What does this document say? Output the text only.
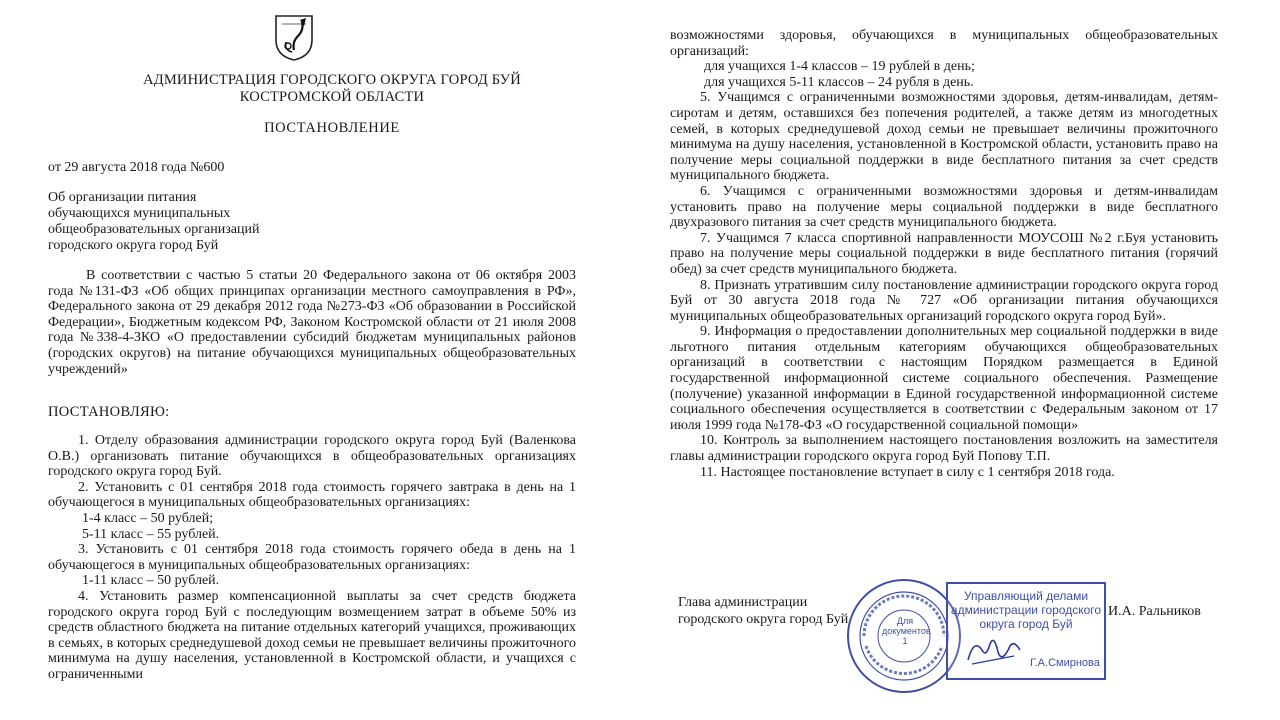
АДМИНИСТРАЦИЯ ГОРОДСКОГО ОКРУГА ГОРОД БУЙ
КОСТРОМСКОЙ ОБЛАСТИ
ПОСТАНОВЛЕНИЕ
от 29 августа 2018 года №600
Об организации питания
обучающихся муниципальных
общеобразовательных организаций
городского округа город Буй
В соответствии с частью 5 статьи 20 Федерального закона от 06 октября 2003 года №131-ФЗ «Об общих принципах организации местного самоуправления в РФ», Федерального закона от 29 декабря 2012 года №273-ФЗ «Об образовании в Российской Федерации», Бюджетным кодексом РФ, Законом Костромской области от 21 июля 2008 года №338-4-ЗКО «О предоставлении субсидий бюджетам муниципальных районов (городских округов) на питание обучающихся муниципальных общеобразовательных учреждений»
ПОСТАНОВЛЯЮ:

1. Отделу образования администрации городского округа город Буй (Валенкова О.В.) организовать питание обучающихся в общеобразовательных организациях городского округа город Буй.

2. Установить с 01 сентября 2018 года стоимость горячего завтрака в день на 1 обучающегося в муниципальных общеобразовательных организациях:

1-4 класс – 50 рублей;

5-11 класс – 55 рублей.

3. Установить с 01 сентября 2018 года стоимость горячего обеда в день на 1 обучающегося в муниципальных общеобразовательных организациях:

1-11 класс – 50 рублей.

4. Установить размер компенсационной выплаты за счет средств бюджета городского округа город Буй с последующим возмещением затрат в объеме 50% из средств областного бюджета на питание отдельных категорий учащихся, проживающих в семьях, в которых среднедушевой доход семьи не превышает величины прожиточного минимума на душу населения, установленной в Костромской области, и учащихся с ограниченными

возможностями здоровья, обучающихся в муниципальных общеобразовательных организаций:

для учащихся 1-4 классов – 19 рублей в день;

для учащихся 5-11 классов – 24 рубля в день.

5. Учащимся с ограниченными возможностями здоровья, детям-инвалидам, детям-сиротам и детям, оставшихся без попечения родителей, а также детям из многодетных семей, в которых среднедушевой доход семьи не превышает величины прожиточного минимума на душу населения, установленной в Костромской области, установить право на получение меры социальной поддержки в виде бесплатного питания за счет средств муниципального бюджета.

6. Учащимся с ограниченными возможностями здоровья и детям-инвалидам установить право на получение меры социальной поддержки в виде бесплатного двухразового питания за счет средств муниципального бюджета.

7. Учащимся 7 класса спортивной направленности МОУСОШ №2 г.Буя установить право на получение меры социальной поддержки в виде бесплатного питания (горячий обед) за счет средств муниципального бюджета.

8. Признать утратившим силу постановление администрации городского округа город Буй от 30 августа 2018 года № 727 «Об организации питания обучающихся муниципальных общеобразовательных организаций городского округа город Буй».

9. Информация о предоставлении дополнительных мер социальной поддержки в виде льготного питания отдельным категориям обучающихся общеобразовательных организаций в соответствии с настоящим Порядком размещается в Единой государственной информационной системе социального обеспечения. Размещение (получение) указанной информации в Единой государственной информационной системе социального обеспечения осуществляется в соответствии с Федеральным законом от 17 июля 1999 года №178-ФЗ «О государственной социальной помощи»

10. Контроль за выполнением настоящего постановления возложить на заместителя главы администрации городского округа город Буй Попову Т.П.

11. Настоящее постановление вступает в силу с 1 сентября 2018 года.

Глава администрации
городского округа город Буй	Для
документов
1
Управляющий делами
администрации городского
округа город Буй
Г.А.Смирнова
И.А. Ральников
